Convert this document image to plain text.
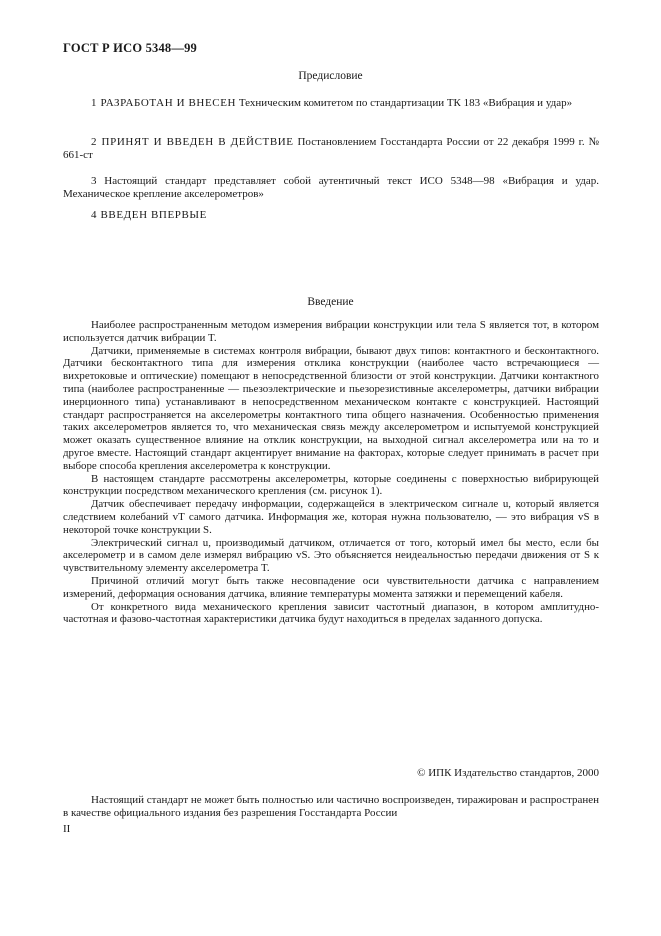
ГОСТ Р ИСО 5348—99
Предисловие
1 РАЗРАБОТАН И ВНЕСЕН Техническим комитетом по стандартизации ТК 183 «Вибрация и удар»
2 ПРИНЯТ И ВВЕДЕН В ДЕЙСТВИЕ Постановлением Госстандарта России от 22 декабря 1999 г. № 661-ст
3 Настоящий стандарт представляет собой аутентичный текст ИСО 5348—98 «Вибрация и удар. Механическое крепление акселерометров»
4 ВВЕДЕН ВПЕРВЫЕ
Введение

Наиболее распространенным методом измерения вибрации конструкции или тела S является тот, в котором используется датчик вибрации T.

Датчики, применяемые в системах контроля вибрации, бывают двух типов: контактного и бесконтактного. Датчики бесконтактного типа для измерения отклика конструкции (наиболее часто встречающиеся — вихретоковые и оптические) помещают в непосредственной близости от этой конструкции. Датчики контактного типа (наиболее распространенные — пьезоэлектрические и пьезорезистивные акселерометры, датчики вибрации инерционного типа) устанавливают в непосредственном механическом контакте с конструкцией. Настоящий стандарт распространяется на акселерометры контактного типа общего назначения. Особенностью применения таких акселерометров является то, что механическая связь между акселерометром и испытуемой конструкцией может оказать существенное влияние на отклик конструкции, на выходной сигнал акселерометра или на то и другое вместе. Настоящий стандарт акцентирует внимание на факторах, которые следует принимать в расчет при выборе способа крепления акселерометра к конструкции.

В настоящем стандарте рассмотрены акселерометры, которые соединены с поверхностью вибрирующей конструкции посредством механического крепления (см. рисунок 1).

Датчик обеспечивает передачу информации, содержащейся в электрическом сигнале u, который является следствием колебаний vT самого датчика. Информация же, которая нужна пользователю, — это вибрация vS в некоторой точке конструкции S.

Электрический сигнал u, производимый датчиком, отличается от того, который имел бы место, если бы акселерометр и в самом деле измерял вибрацию vS. Это объясняется неидеальностью передачи движения от S к чувствительному элементу акселерометра T.

Причиной отличий могут быть также несовпадение оси чувствительности датчика с направлением измерений, деформация основания датчика, влияние температуры момента затяжки и перемещений кабеля.

От конкретного вида механического крепления зависит частотный диапазон, в котором амплитудно-частотная и фазово-частотная характеристики датчика будут находиться в пределах заданного допуска.

© ИПК Издательство стандартов, 2000
Настоящий стандарт не может быть полностью или частично воспроизведен, тиражирован и распространен в качестве официального издания без разрешения Госстандарта России
II
